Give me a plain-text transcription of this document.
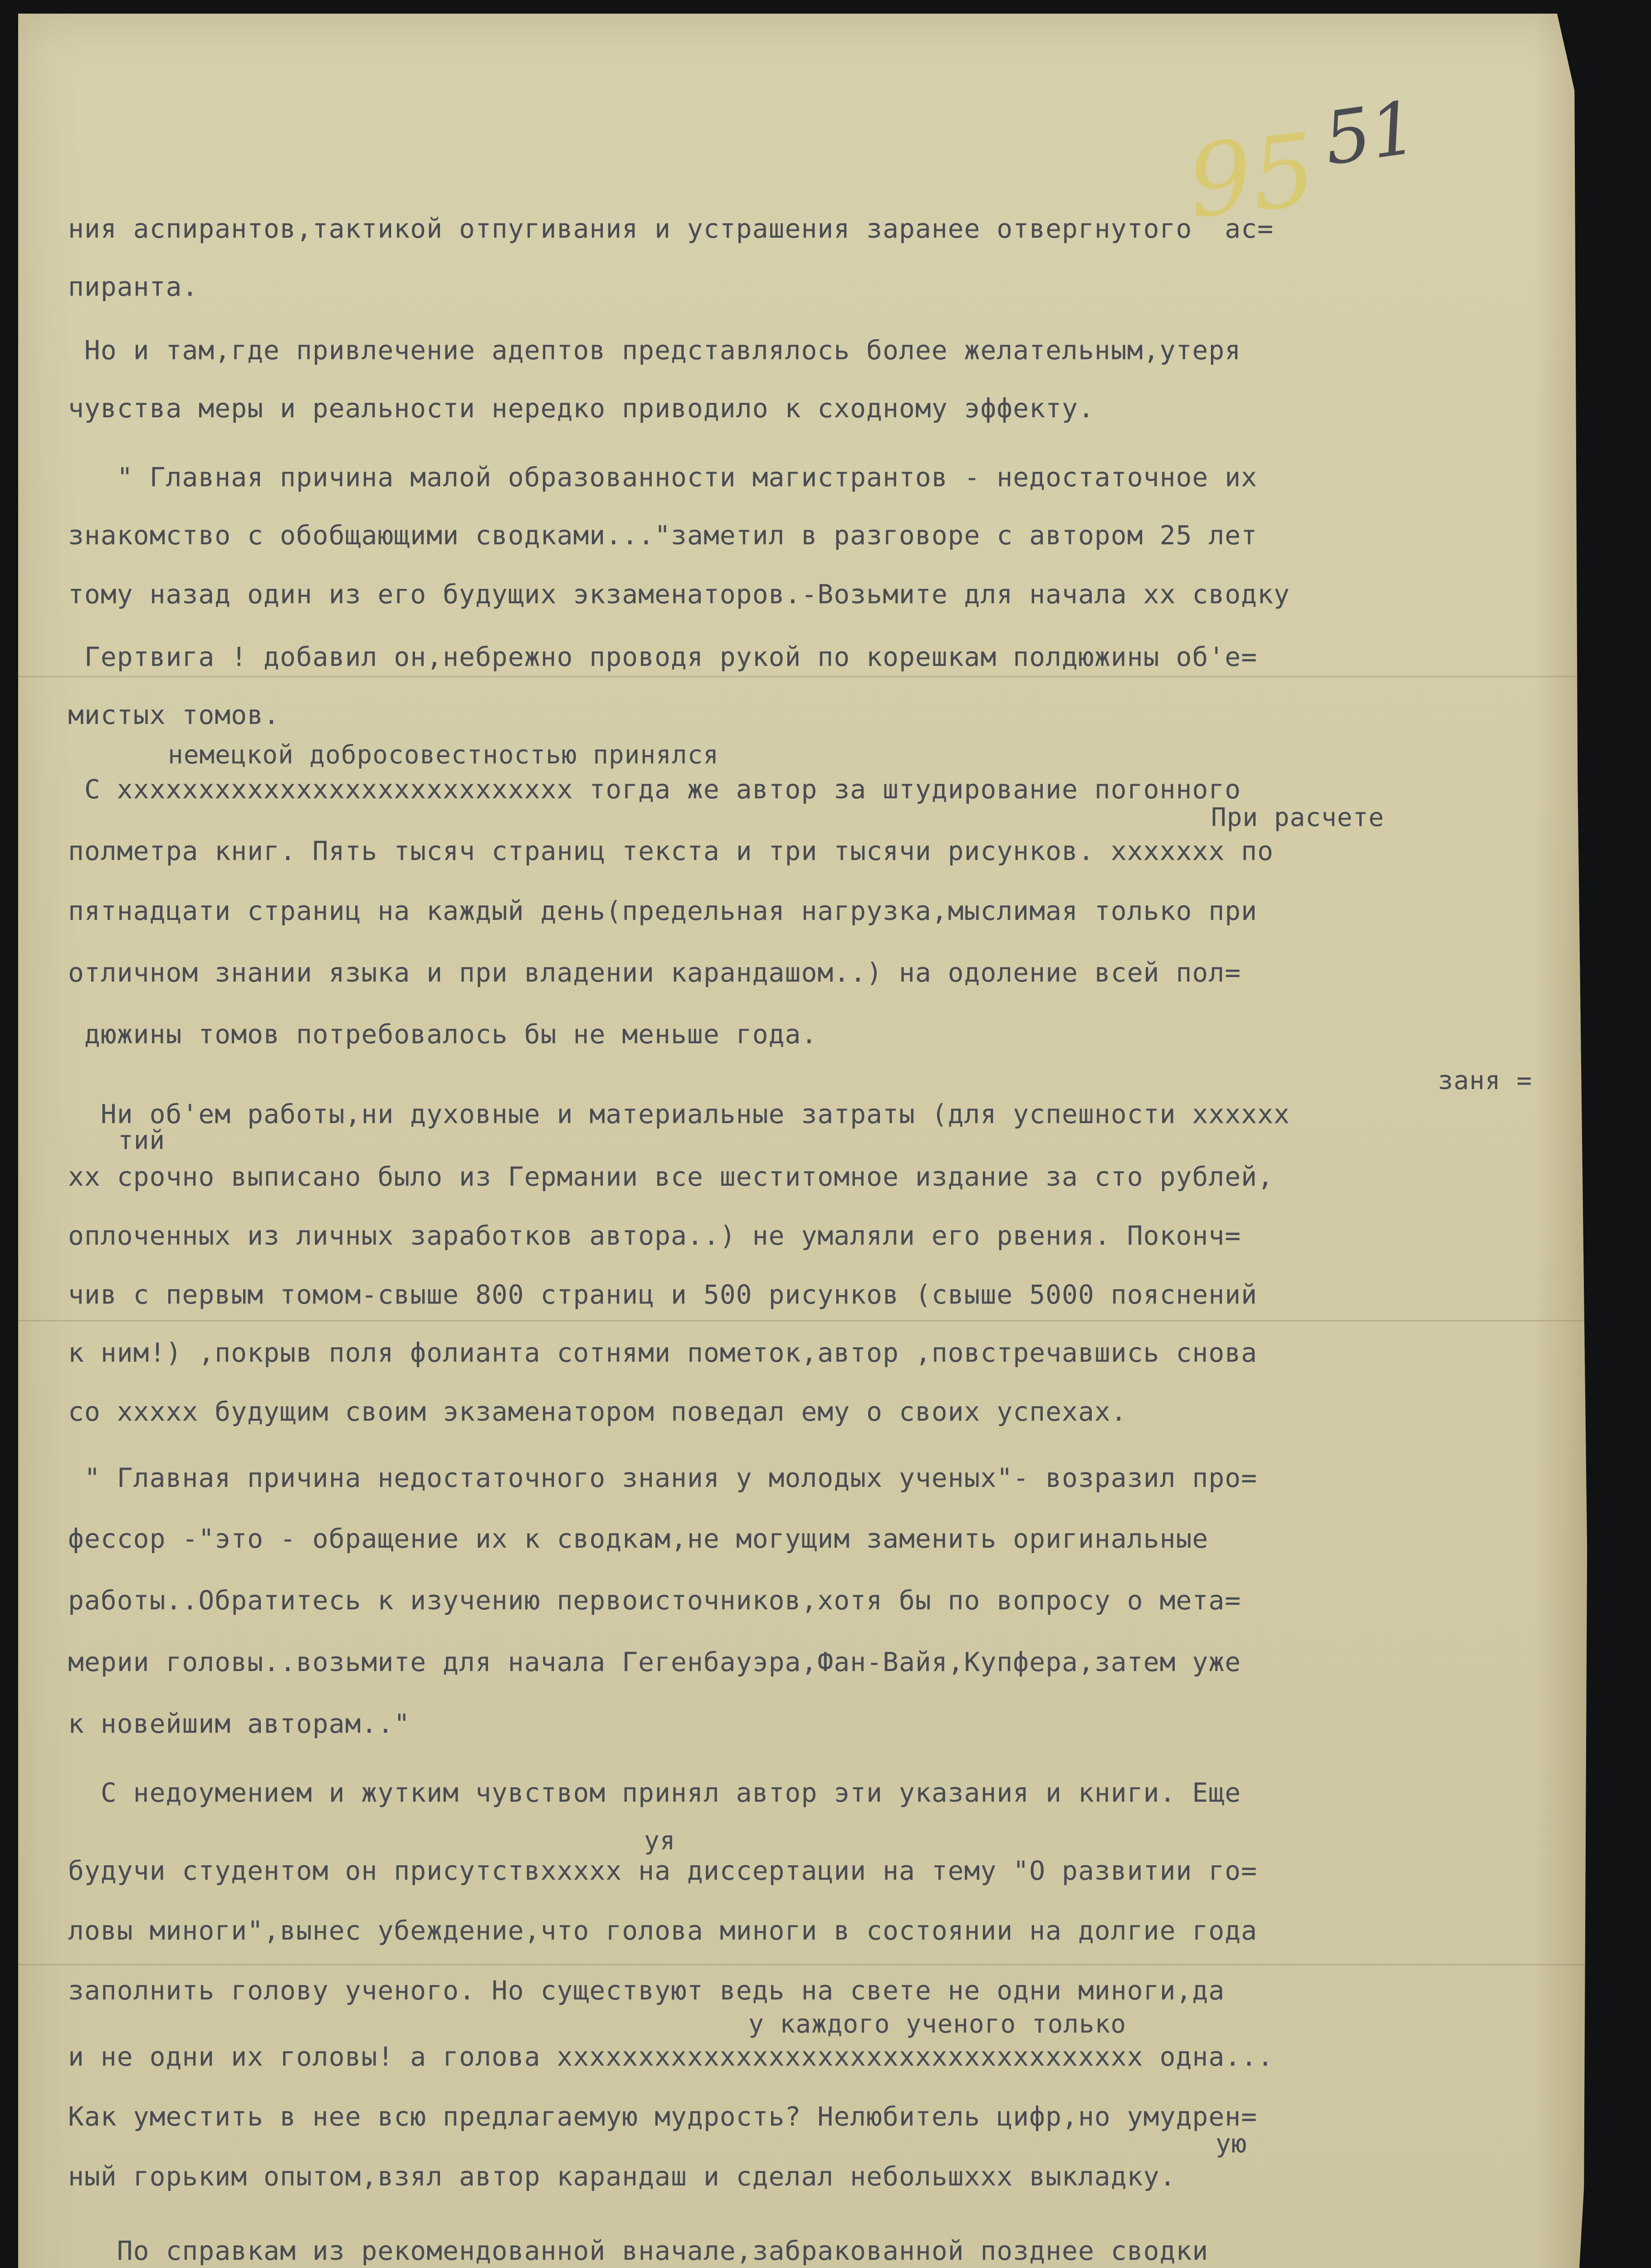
95
51
ния аспирантов,тактикой отпугивания и устрашения заранее отвергнутого  ас=
пиранта.
Но и там,где привлечение адептов представлялось более желательным,утеря
чувства меры и реальности нередко приводило к сходному эффекту.
" Главная причина малой образованности магистрантов - недостаточное их
знакомство с обобщающими сводками..."заметил в разговоре с автором 25 лет
тому назад один из его будущих экзаменаторов.-Возьмите для начала хх сводку
Гертвига ! добавил он,небрежно проводя рукой по корешкам полдюжины об'е=
мистых томов.
С хххххххххххххххххххххххххххх тогда же автор за штудирование погонного
полметра книг. Пять тысяч страниц текста и три тысячи рисунков. ххххххх по
пятнадцати страниц на каждый день(предельная нагрузка,мыслимая только при
отличном знании языка и при владении карандашом..) на одоление всей пол=
дюжины томов потребовалось бы не меньше года.
Ни об'ем работы,ни духовные и материальные затраты (для успешности хххххх
хх срочно выписано было из Германии все шеститомное издание за сто рублей,
оплоченных из личных заработков автора..) не умаляли его рвения. Поконч=
чив с первым томом-свыше 800 страниц и 500 рисунков (свыше 5000 пояснений
к ним!) ,покрыв поля фолианта сотнями пометок,автор ,повстречавшись снова
со ххххх будущим своим экзаменатором поведал ему о своих успехах.
" Главная причина недостаточного знания у молодых ученых"- возразил про=
фессор -"это - обращение их к сводкам,не могущим заменить оригинальные
работы..Обратитесь к изучению первоисточников,хотя бы по вопросу о мета=
мерии головы..возьмите для начала Гегенбауэра,Фан-Вайя,Купфера,затем уже
к новейшим авторам.."
С недоумением и жутким чувством принял автор эти указания и книги. Еще
будучи студентом он присутствххххх на диссертации на тему "О развитии го=
ловы миноги",вынес убеждение,что голова миноги в состоянии на долгие года
заполнить голову ученого. Но существуют ведь на свете не одни миноги,да
и не одни их головы! а голова хххххххххххххххххххххххххххххххххххх одна...
Как уместить в нее всю предлагаемую мудрость? Нелюбитель цифр,но умудрен=
ный горьким опытом,взял автор карандаш и сделал небольшххх выкладку.
По справкам из рекомендованной вначале,забракованной позднее сводки
немецкой добросовестностью принялся
При расчете
заня =
тий
уя
у каждого ученого только
ую
